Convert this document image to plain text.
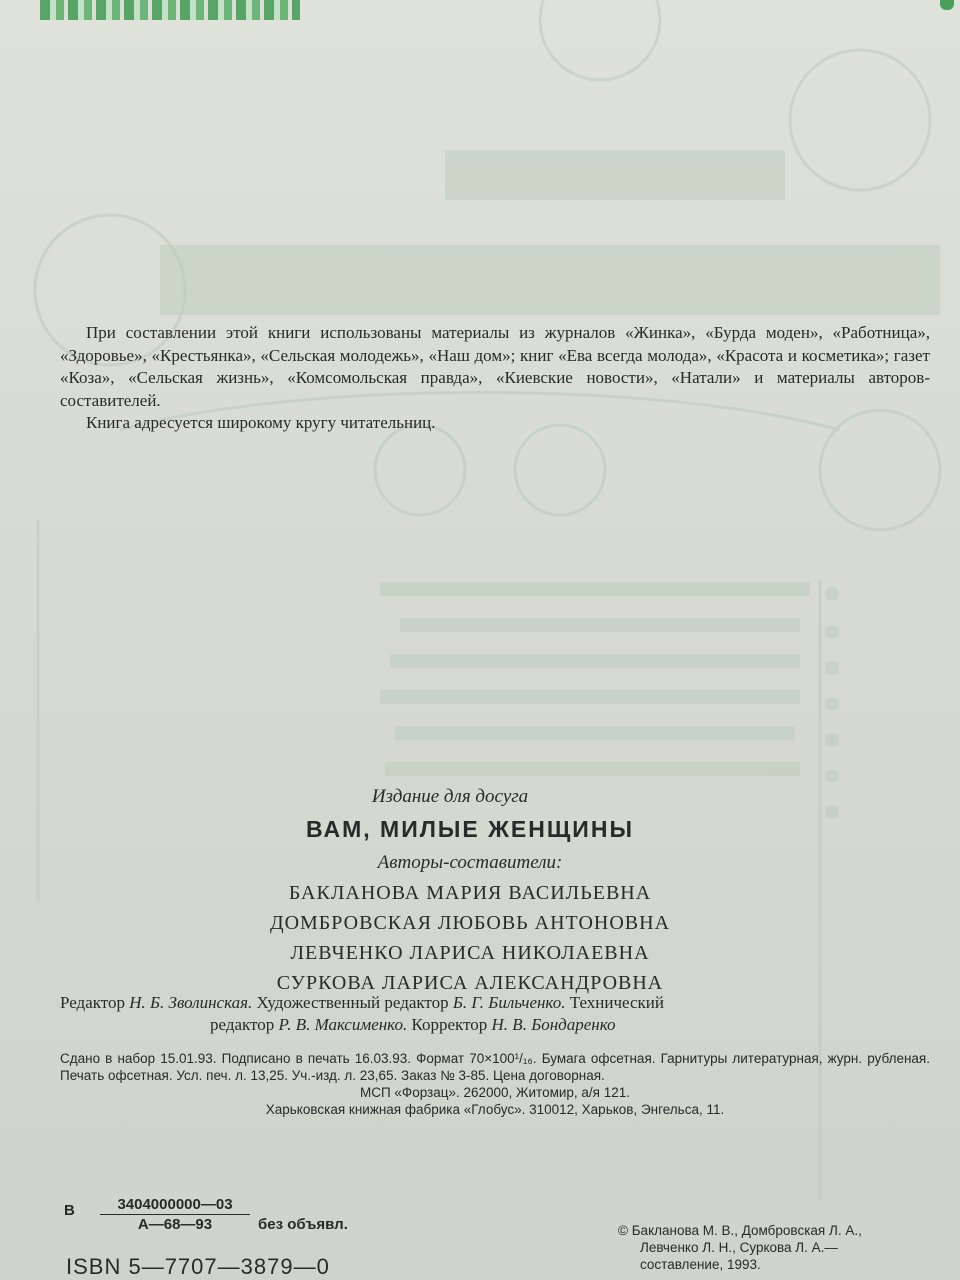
При составлении этой книги использованы материалы из журналов «Жинка», «Бурда моден», «Работница», «Здоровье», «Крестьянка», «Сельская молодежь», «Наш дом»; книг «Ева всегда молода», «Красота и косметика»; газет «Коза», «Сельская жизнь», «Комсомольская правда», «Киевские новости», «Натали» и материалы авторов-составителей.

Книга адресуется широкому кругу читательниц.

Издание для досуга
ВАМ, МИЛЫЕ ЖЕНЩИНЫ
Авторы-составители:
БАКЛАНОВА МАРИЯ ВАСИЛЬЕВНА
ДОМБРОВСКАЯ ЛЮБОВЬ АНТОНОВНА
ЛЕВЧЕНКО ЛАРИСА НИКОЛАЕВНА
СУРКОВА ЛАРИСА АЛЕКСАНДРОВНА
Редактор Н. Б. Зволинская. Художественный редактор Б. Г. Бильченко. Технический
редактор Р. В. Максименко. Корректор Н. В. Бондаренко
Сдано в набор 15.01.93. Подписано в печать 16.03.93. Формат 70×100¹/₁₆. Бумага офсетная. Гарнитуры литературная, журн. рубленая. Печать офсетная. Усл. печ. л. 13,25. Уч.-изд. л. 23,65. Заказ № 3-85. Цена договорная.
МСП «Форзац». 262000, Житомир, а/я 121.
Харьковская книжная фабрика «Глобус». 310012, Харьков, Энгельса, 11.
В	3404000000—03
А—68—93	без объявл.
ISBN 5—7707—3879—0
© Бакланова М. В., Домбровская Л. А.,
Левченко Л. Н., Суркова Л. А.—
составление, 1993.
